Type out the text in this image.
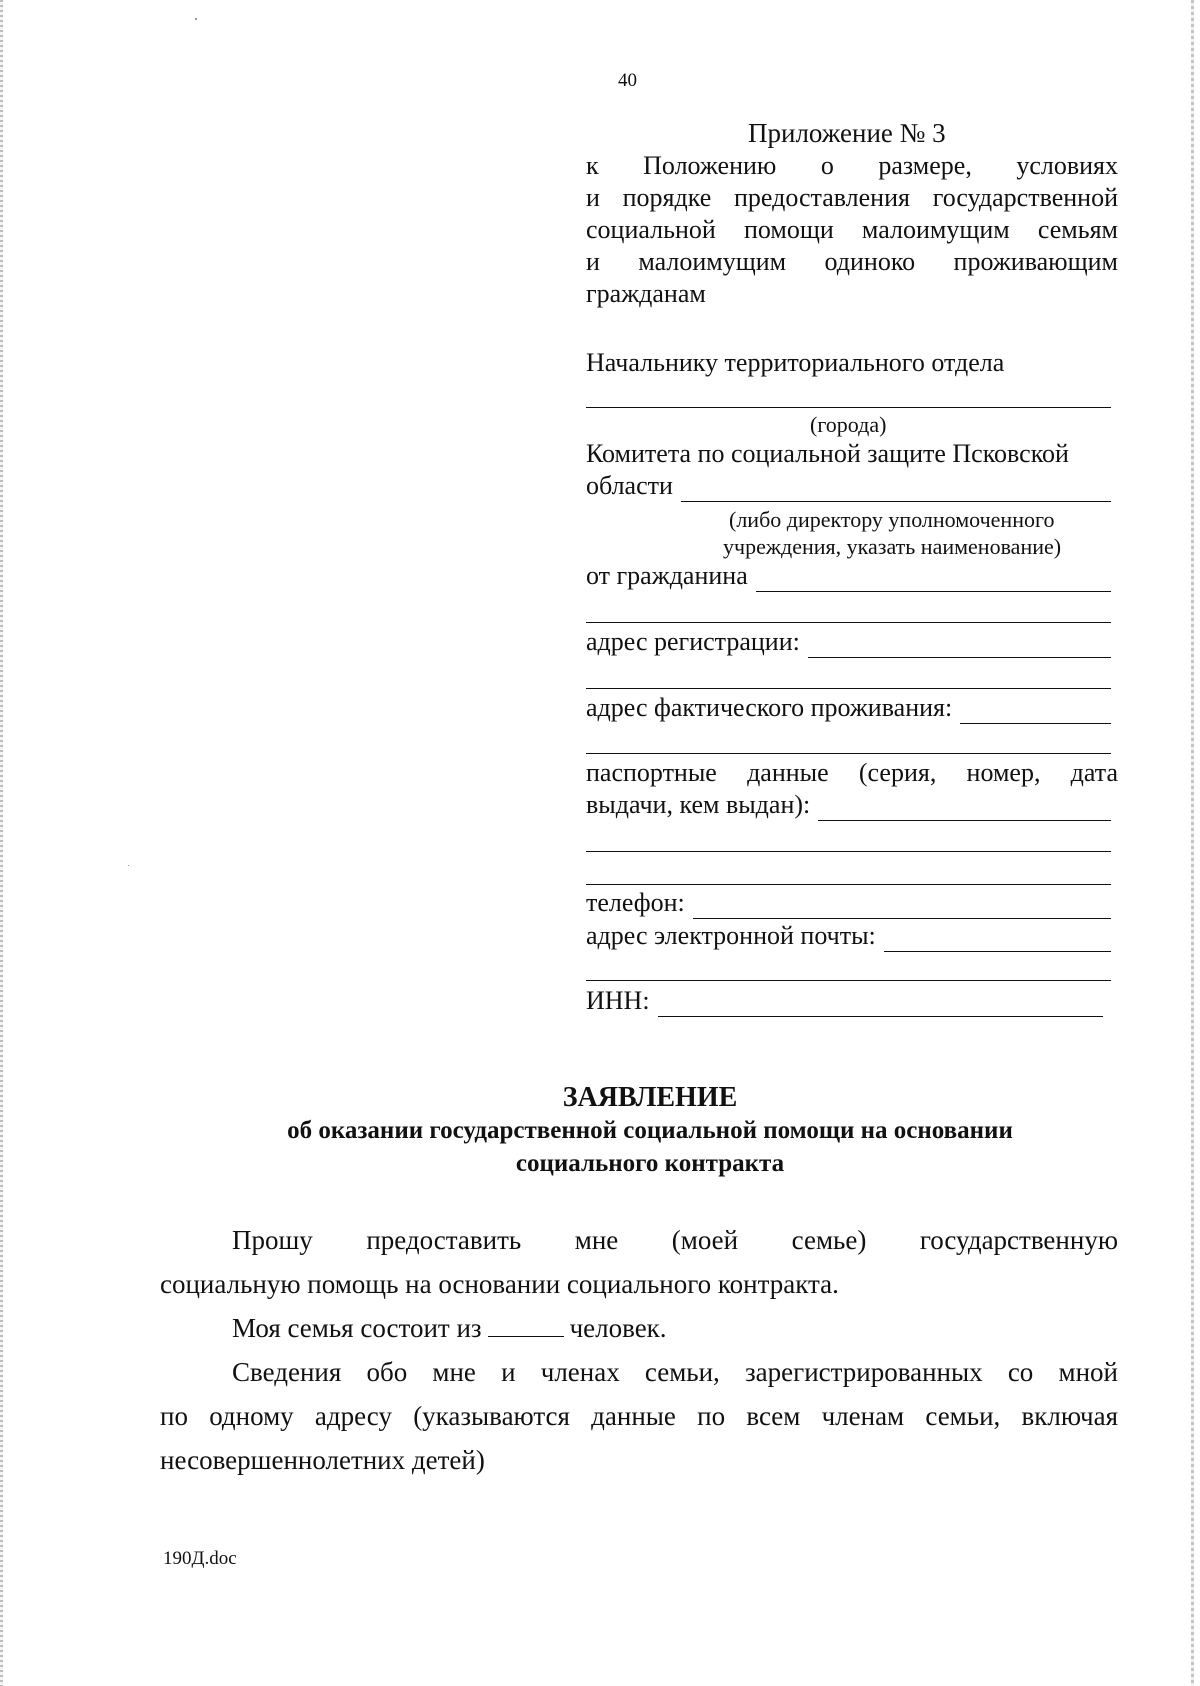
40
Приложение № 3
к Положению о размере, условиях
и порядке предоставления государственной
социальной помощи малоимущим семьям
и малоимущим одиноко проживающим
гражданам
Начальнику территориального отдела
(города)
Комитета по социальной защите Псковской
области
(либо директору уполномоченного
учреждения, указать наименование)
от гражданина
адрес регистрации:
адрес фактического проживания:
паспортные данные (серия, номер, дата
выдачи, кем выдан):
телефон:
адрес электронной почты:
ИНН:
ЗАЯВЛЕНИЕ
об оказании государственной социальной помощи на основании
социального контракта
Прошу предоставить мне (моей семье) государственную
социальную помощь на основании социального контракта.
Моя семья состоит из	человек.
Сведения обо мне и членах семьи, зарегистрированных со мной
по одному адресу (указываются данные по всем членам семьи, включая
несовершеннолетних детей)
190Д.doc
